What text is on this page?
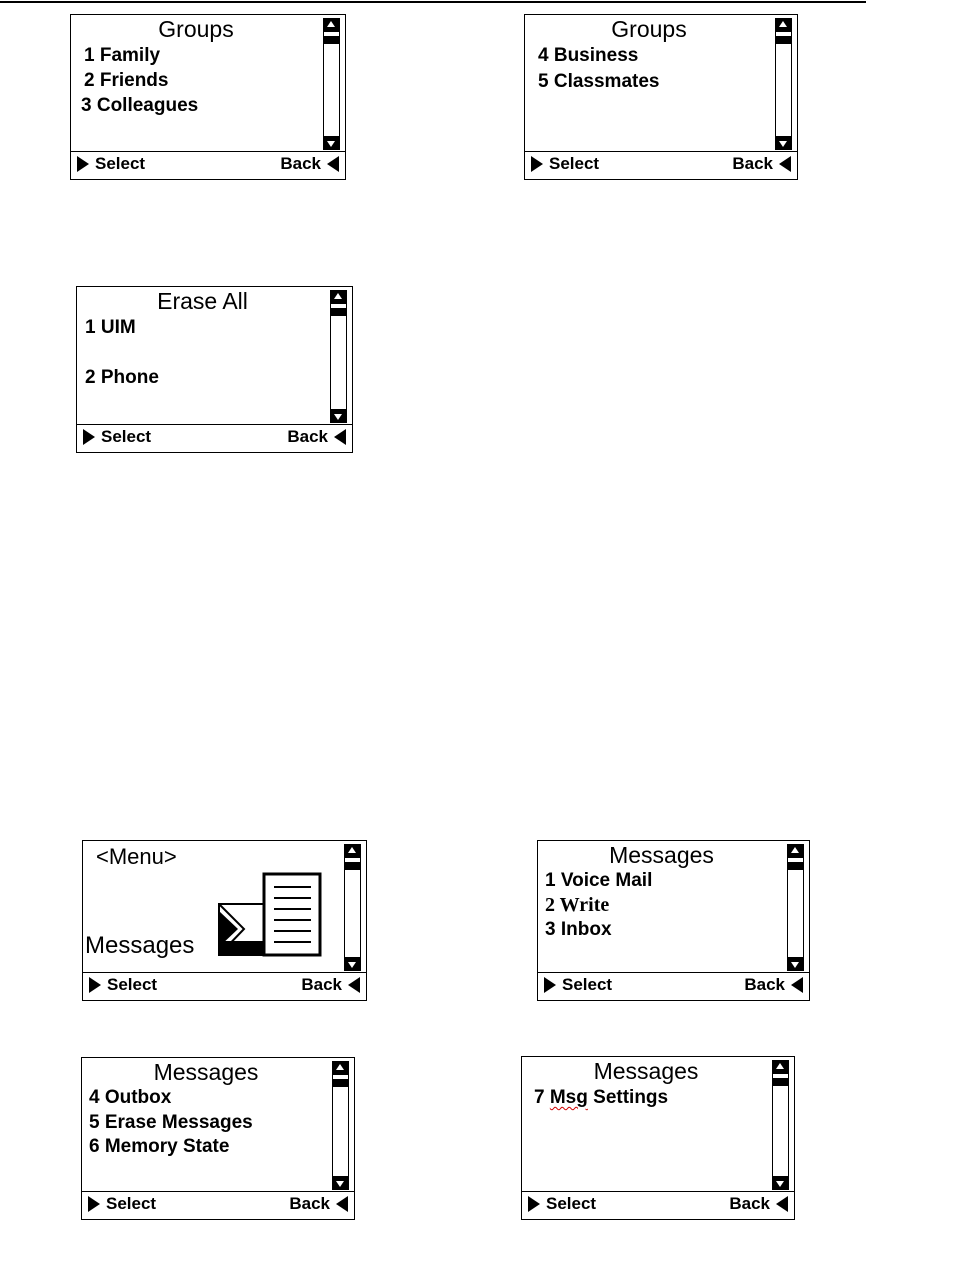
Groups
1 Family
2 Friends
3 Colleagues
Select	Back
Groups
4 Business
5 Classmates
Select	Back
Erase All
1 UIM
2 Phone
Select	Back
<Menu>
Messages
Select	Back
Messages
1 Voice Mail
2 Write
3 Inbox
Select	Back
Messages
4 Outbox
5 Erase Messages
6 Memory State
Select	Back
Messages
7 Msg Settings
Select	Back
